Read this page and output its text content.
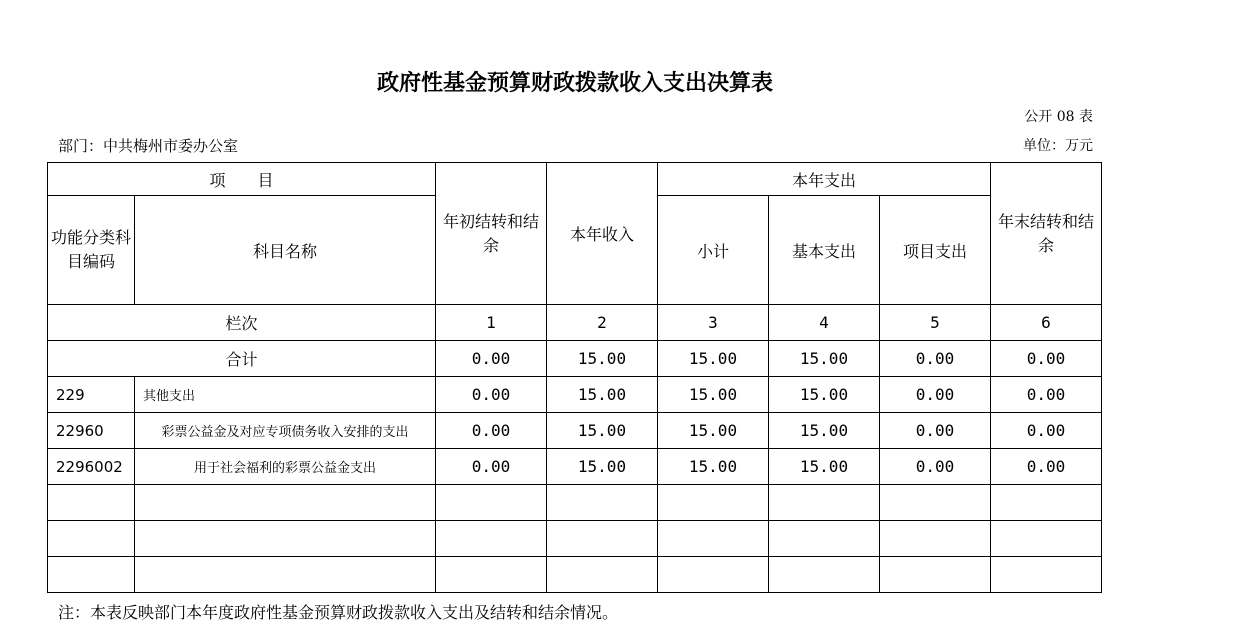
政府性基金预算财政拨款收入支出决算表
公开 08 表
部门：中共梅州市委办公室	单位：万元
项　　目		年初结转和结余	本年收入	本年支出			年末结转和结余
功能分类科目编码	科目名称			小计	基本支出	项目支出	
栏次		1	2	3	4	5	6
合计		0.00	15.00	15.00	15.00	0.00	0.00
229	其他支出	0.00	15.00	15.00	15.00	0.00	0.00
22960	彩票公益金及对应专项债务收入安排的支出	0.00	15.00	15.00	15.00	0.00	0.00
2296002	用于社会福利的彩票公益金支出	0.00	15.00	15.00	15.00	0.00	0.00

注：本表反映部门本年度政府性基金预算财政拨款收入支出及结转和结余情况。
